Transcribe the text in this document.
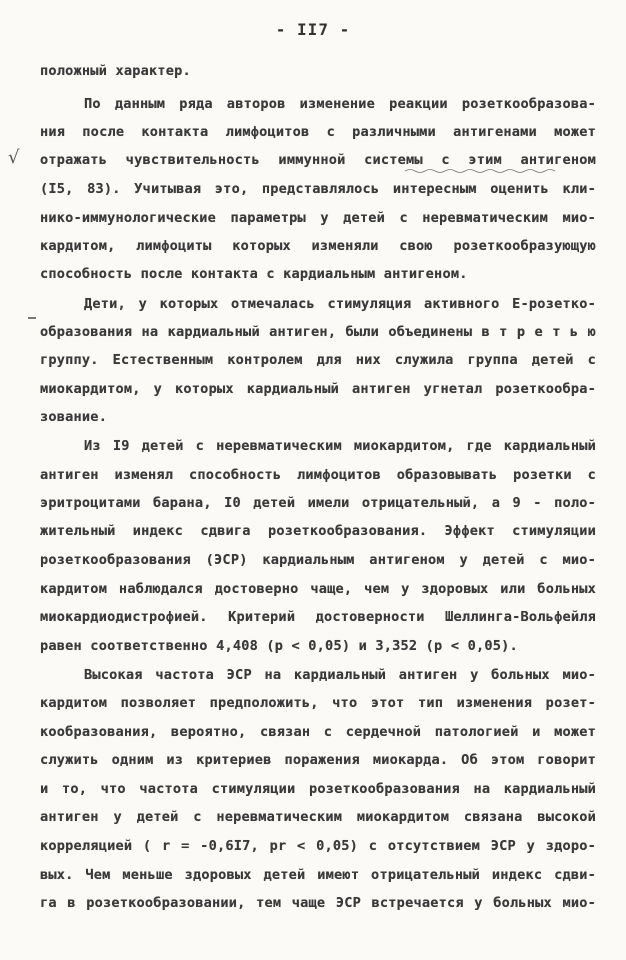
- II7 -
√
положный характер.
По данным ряда авторов изменение реакции розеткообразова-
ния после контакта лимфоцитов с различными антигенами может
отражать чувствительность иммунной системы с этим антигеном
(I5, 83). Учитывая это, представлялось интересным оценить кли-
нико-иммунологические параметры у детей с неревматическим мио-
кардитом, лимфоциты которых изменяли свою розеткообразующую
способность после контакта с кардиальным антигеном.
Дети, у которых отмечалась стимуляция активного Е-розетко-
образования на кардиальный антиген, были объединены в т р е т ь ю
группу. Естественным контролем для них служила группа детей с
миокардитом, у которых кардиальный антиген угнетал розеткообра-
зование.
Из I9 детей с неревматическим миокардитом, где кардиальный
антиген изменял способность лимфоцитов образовывать розетки с
эритроцитами барана, I0 детей имели отрицательный, а 9 - поло-
жительный индекс сдвига розеткообразования. Эффект стимуляции
розеткообразования (ЭСР) кардиальным антигеном у детей с мио-
кардитом наблюдался достоверно чаще, чем у здоровых или больных
миокардиодистрофией. Критерий достоверности Шеллинга-Вольфейля
равен соответственно 4,408 (p < 0,05) и 3,352 (p < 0,05).
Высокая частота ЭСР на кардиальный антиген у больных мио-
кардитом позволяет предположить, что этот тип изменения розет-
кообразования, вероятно, связан с сердечной патологией и может
служить одним из критериев поражения миокарда. Об этом говорит
и то, что частота стимуляции розеткообразования на кардиальный
антиген у детей с неревматическим миокардитом связана высокой
корреляцией ( r = -0,6I7, pr < 0,05) с отсутствием ЭСР у здоро-
вых. Чем меньше здоровых детей имеют отрицательный индекс сдви-
га в розеткообразовании, тем чаще ЭСР встречается у больных мио-
